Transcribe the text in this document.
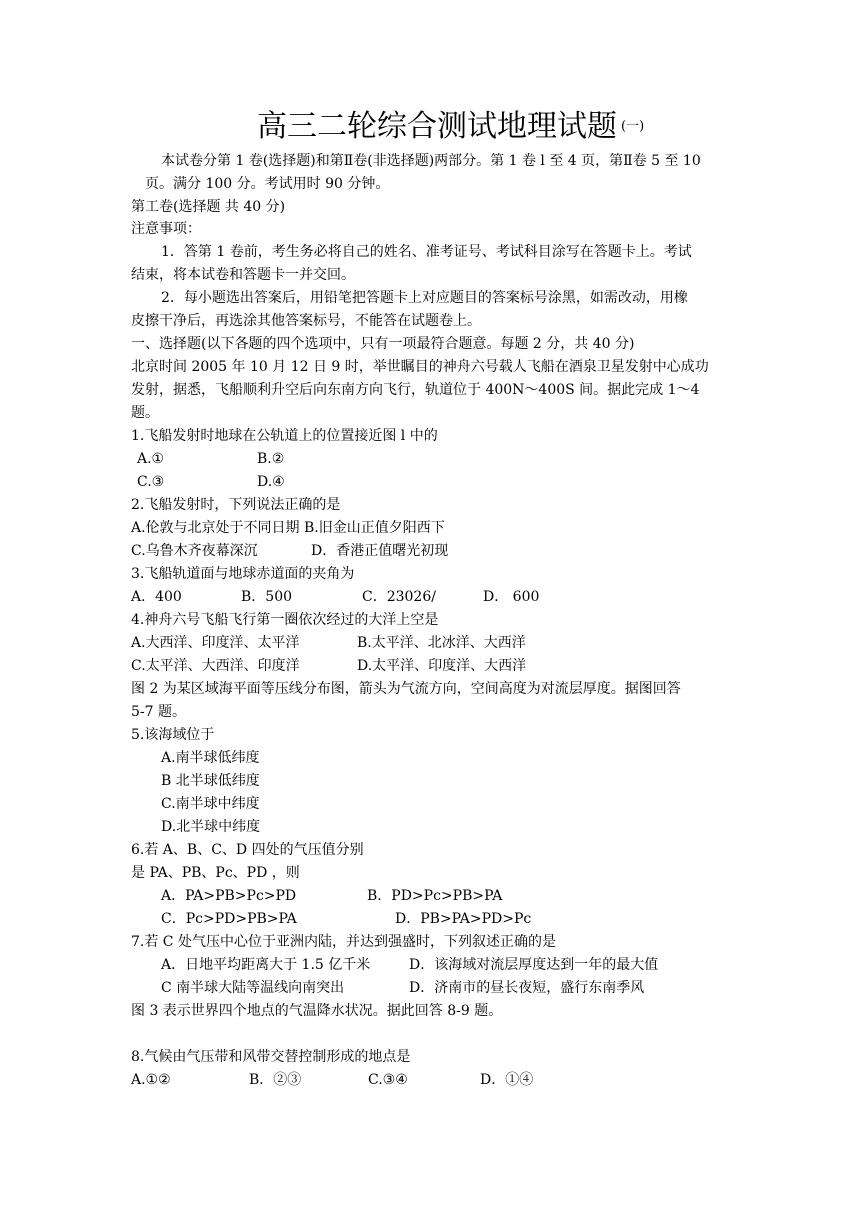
高三二轮综合测试地理试题 $^{(一)}$
本试卷分第 1 卷(选择题)和第Ⅱ卷(非选择题)两部分。第 1 卷 l 至 4 页，第Ⅱ卷 5 至 10
页。满分 100 分。考试用时 90 分钟。
第工卷(选择题 共 40 分)
注意事项：
1．答第 1 卷前，考生务必将自己的姓名、准考证号、考试科目涂写在答题卡上。考试
结束，将本试卷和答题卡一并交回。
2．每小题选出答案后，用铅笔把答题卡上对应题目的答案标号涂黑，如需改动，用橡
皮擦干净后，再选涂其他答案标号，不能答在试题卷上。
一、选择题(以下各题的四个选项中，只有一项最符合题意。每题 2 分，共 40 分)
北京时间 2005 年 10 月 12 日 9 时，举世瞩目的神舟六号载人飞船在酒泉卫星发射中心成功
发射，据悉，飞船顺利升空后向东南方向飞行，轨道位于 400N～400S 间。据此完成 1～4
题。
1.飞船发射时地球在公轨道上的位置接近图 l 中的
A.①	B.②
C.③	D.④
2.飞船发射时，下列说法正确的是
A.伦敦与北京处于不同日期 B.旧金山正值夕阳西下
C.乌鲁木齐夜幕深沉	D．香港正值曙光初现
3.飞船轨道面与地球赤道面的夹角为
A．400	B．500	C．23026/	D． 600
4.神舟六号飞船飞行第一圈依次经过的大洋上空是
A.大西洋、印度洋、太平洋	B.太平洋、北冰洋、大西洋
C.太平洋、大西洋、印度洋	D.太平洋、印度洋、大西洋
图 2 为某区域海平面等压线分布图，箭头为气流方向，空间高度为对流层厚度。据图回答
5-7 题。
5.该海域位于
A.南半球低纬度
B 北半球低纬度
C.南半球中纬度
D.北半球中纬度
6.若 A、B、C、D 四处的气压值分别
是 PA、PB、Pc、PD ，则
A．PA>PB>Pc>PD	B．PD>Pc>PB>PA
C．Pc>PD>PB>PA	D．PB>PA>PD>Pc
7.若 C 处气压中心位于亚洲内陆，并达到强盛时，下列叙述正确的是
A．日地平均距离大于 1.5 亿千米	D．该海域对流层厚度达到一年的最大值
C 南半球大陆等温线向南突出	D．济南市的昼长夜短，盛行东南季风
图 3 表示世界四个地点的气温降水状况。据此回答 8-9 题。
8.气候由气压带和风带交替控制形成的地点是
A.①②	B．②③	C.③④	D．①④
